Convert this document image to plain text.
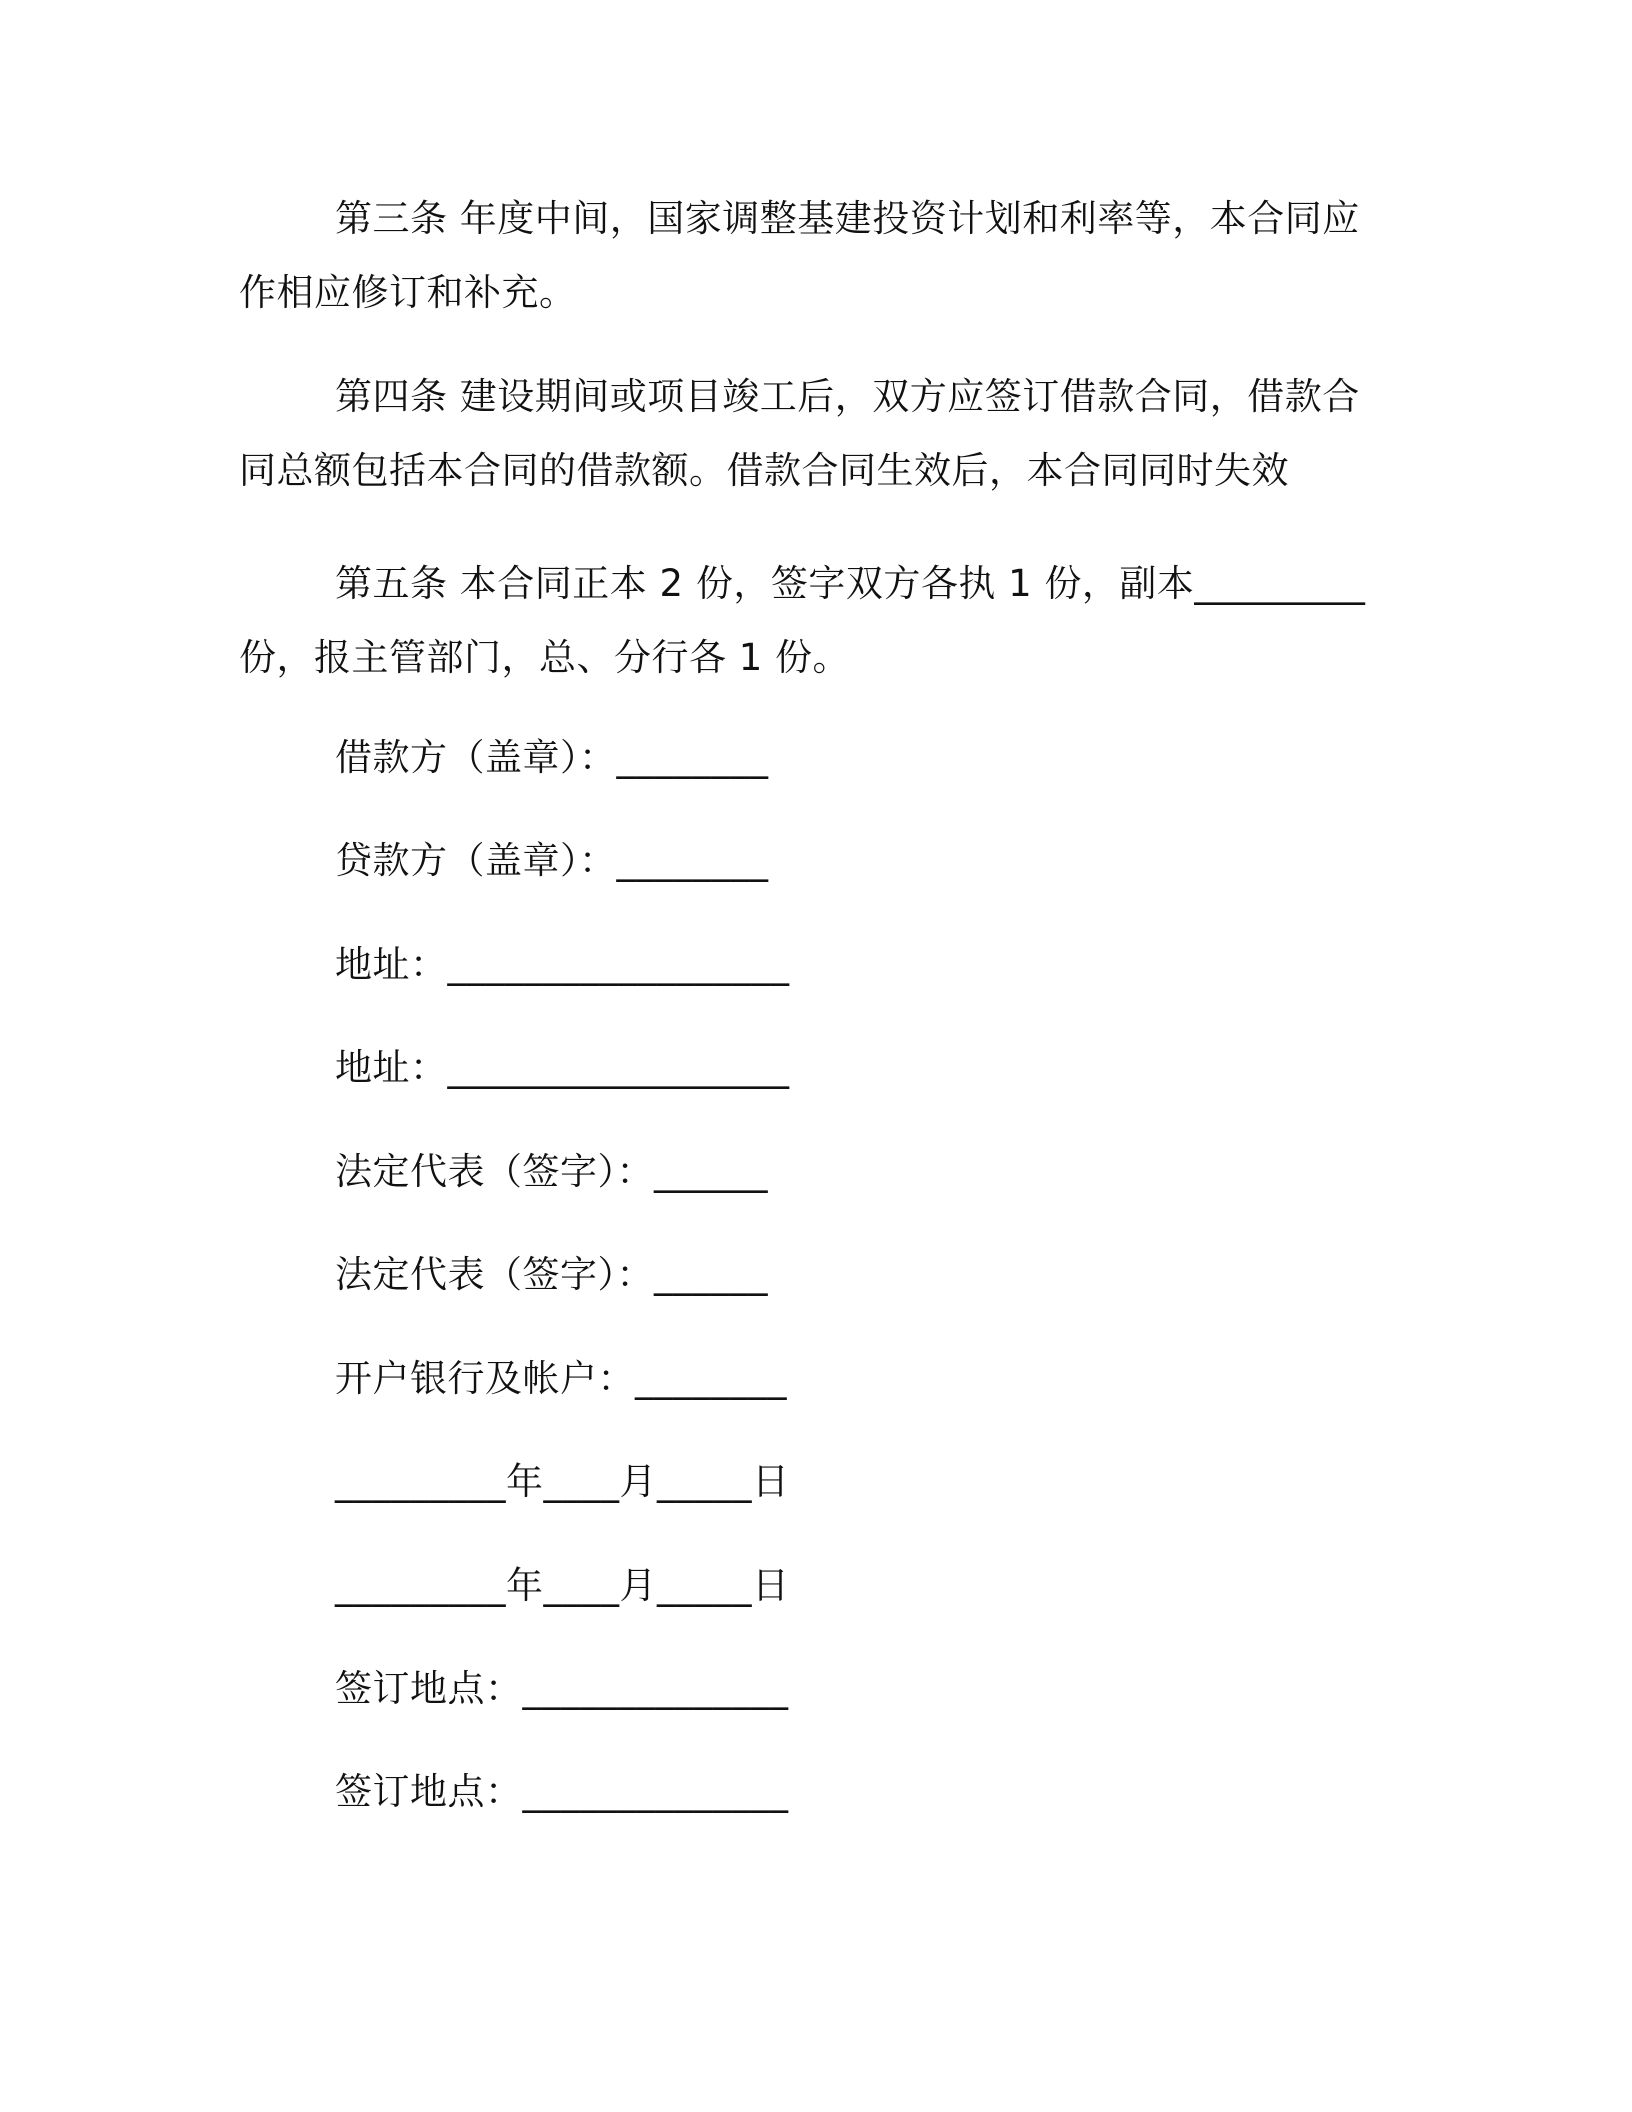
第三条 年度中间，国家调整基建投资计划和利率等，本合同应作相应修订和补充。

第四条 建设期间或项目竣工后，双方应签订借款合同，借款合同总额包括本合同的借款额。借款合同生效后，本合同同时失效

第五条 本合同正本 2 份，签字双方各执 1 份，副本_________份，报主管部门，总、分行各 1 份。

借款方（盖章）：________

贷款方（盖章）：________

地址：__________________

地址：__________________

法定代表（签字）：______

法定代表（签字）：______

开户银行及帐户：________

_________年____月_____日

_________年____月_____日

签订地点：______________

签订地点：______________
